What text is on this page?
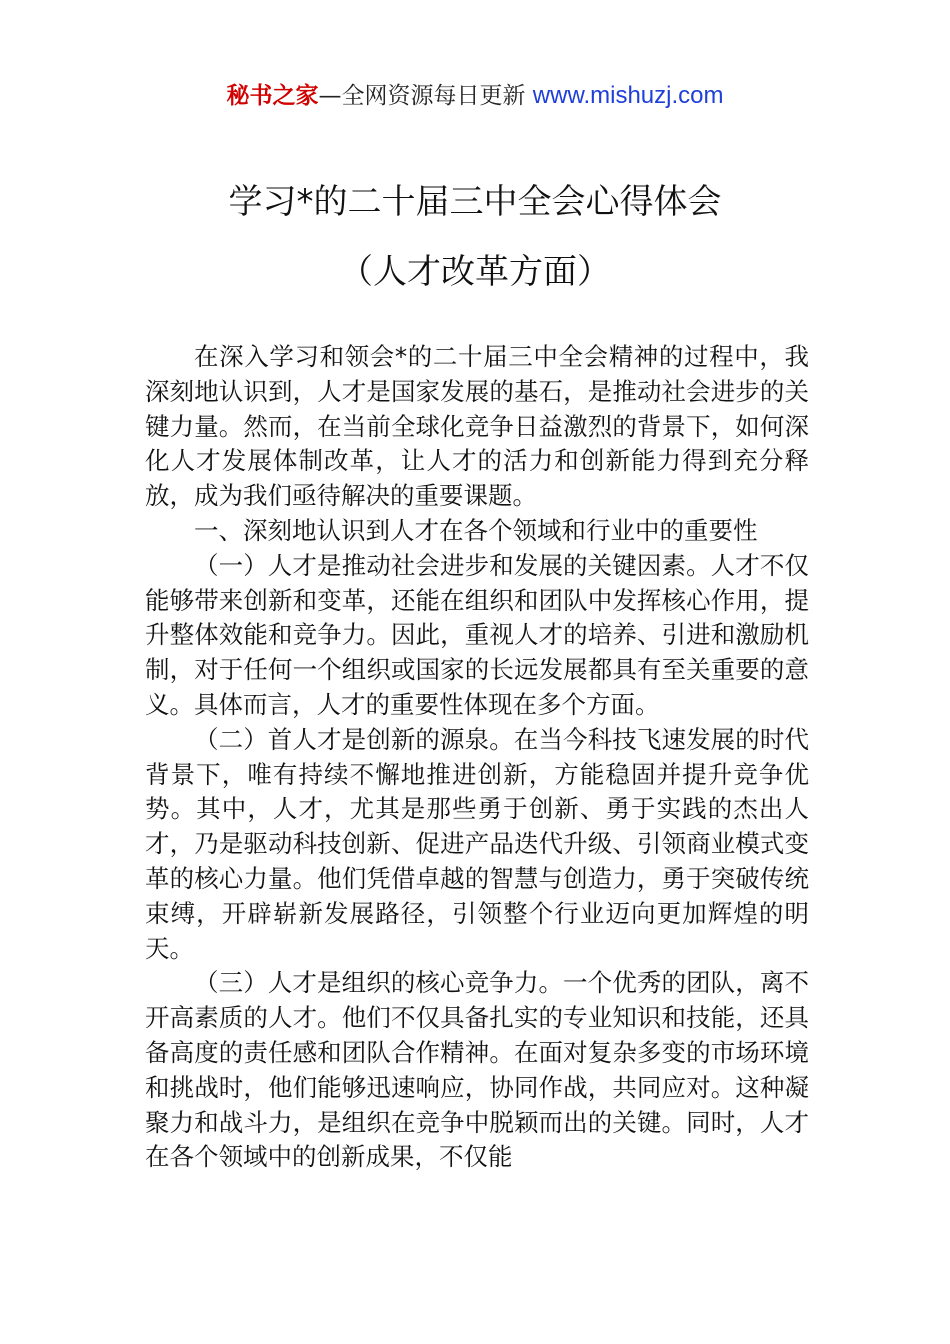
秘书之家—全网资源每日更新 www.mishuzj.com
学习*的二十届三中全会心得体会
（人才改革方面）

在深入学习和领会*的二十届三中全会精神的过程中，我深刻地认识到，人才是国家发展的基石，是推动社会进步的关键力量。然而，在当前全球化竞争日益激烈的背景下，如何深化人才发展体制改革，让人才的活力和创新能力得到充分释放，成为我们亟待解决的重要课题。

一、深刻地认识到人才在各个领域和行业中的重要性

（一）人才是推动社会进步和发展的关键因素。人才不仅能够带来创新和变革，还能在组织和团队中发挥核心作用，提升整体效能和竞争力。因此，重视人才的培养、引进和激励机制，对于任何一个组织或国家的长远发展都具有至关重要的意义。具体而言，人才的重要性体现在多个方面。

（二）首人才是创新的源泉。在当今科技飞速发展的时代背景下，唯有持续不懈地推进创新，方能稳固并提升竞争优势。其中，人才，尤其是那些勇于创新、勇于实践的杰出人才，乃是驱动科技创新、促进产品迭代升级、引领商业模式变革的核心力量。他们凭借卓越的智慧与创造力，勇于突破传统束缚，开辟崭新发展路径，引领整个行业迈向更加辉煌的明天。

（三）人才是组织的核心竞争力。一个优秀的团队，离不开高素质的人才。他们不仅具备扎实的专业知识和技能，还具备高度的责任感和团队合作精神。在面对复杂多变的市场环境和挑战时，他们能够迅速响应，协同作战，共同应对。这种凝聚力和战斗力，是组织在竞争中脱颖而出的关键。同时，人才在各个领域中的创新成果，不仅能
